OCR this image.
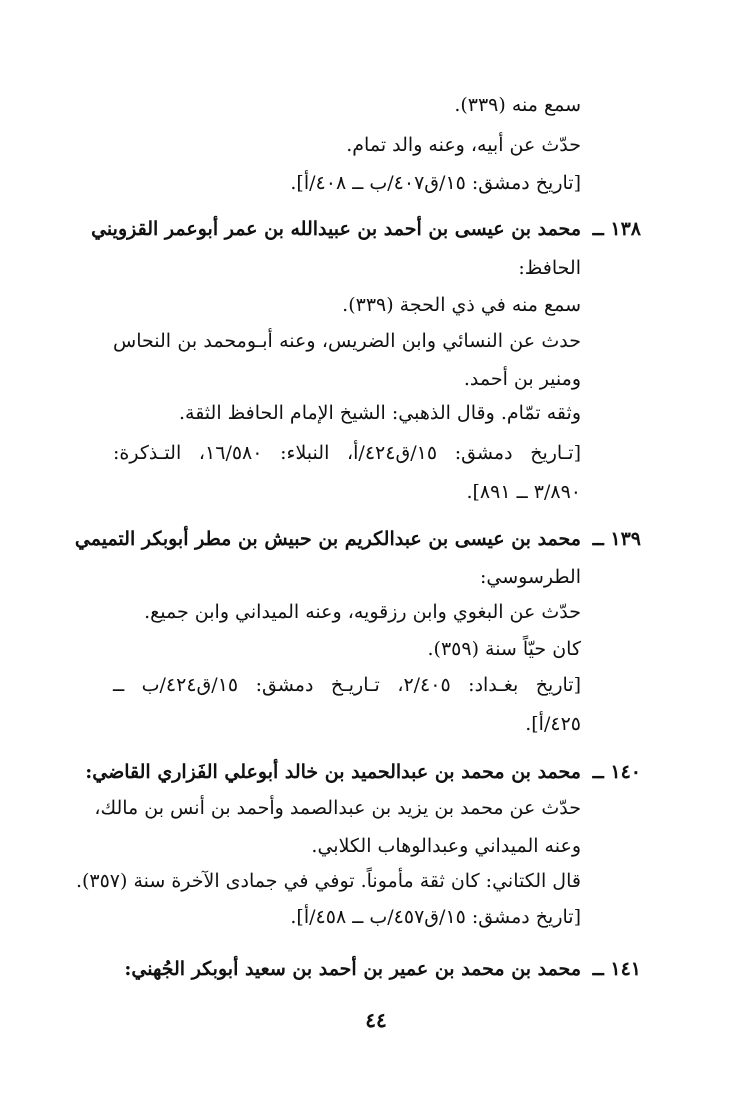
سمع منه (٣٣٩).
حدّث عن أبيه، وعنه والد تمام.
[تاريخ دمشق: ١٥/ق٤٠٧/ب ــ ٤٠٨/أ].
١٣٨ ــ
محمد بن عيسى بن أحمد بن عبيدالله بن عمر أبوعمر القزويني
الحافظ:
سمع منه في ذي الحجة (٣٣٩).
حدث عن النسائي وابن الضريس، وعنه أبـومحمد بن النحاس
ومنير بن أحمد.
وثقه تمّام. وقال الذهبي: الشيخ الإمام الحافظ الثقة.
[تـاريخ دمشق: ١٥/ق٤٢٤/أ، النبلاء: ١٦/٥٨٠، التـذكرة:
٣/٨٩٠ ــ ٨٩١].
١٣٩ ــ
محمد بن عيسى بن عبدالكريم بن حبيش بن مطر أبوبكر التميمي
الطرسوسي:
حدّث عن البغوي وابن رزقويه، وعنه الميداني وابن جميع.
كان حيّاً سنة (٣٥٩).
[تاريخ بغـداد: ٢/٤٠٥، تـاريـخ دمشق: ١٥/ق٤٢٤/ب ــ
٤٢٥/أ].
١٤٠ ــ
محمد بن محمد بن عبدالحميد بن خالد أبوعلي الفَزاري القاضي:
حدّث عن محمد بن يزيد بن عبدالصمد وأحمد بن أنس بن مالك،
وعنه الميداني وعبدالوهاب الكلابي.
قال الكتاني: كان ثقة مأموناً. توفي في جمادى الآخرة سنة (٣٥٧).
[تاريخ دمشق: ١٥/ق٤٥٧/ب ــ ٤٥٨/أ].
١٤١ ــ
محمد بن محمد بن عمير بن أحمد بن سعيد أبوبكر الجُهني:
٤٤
